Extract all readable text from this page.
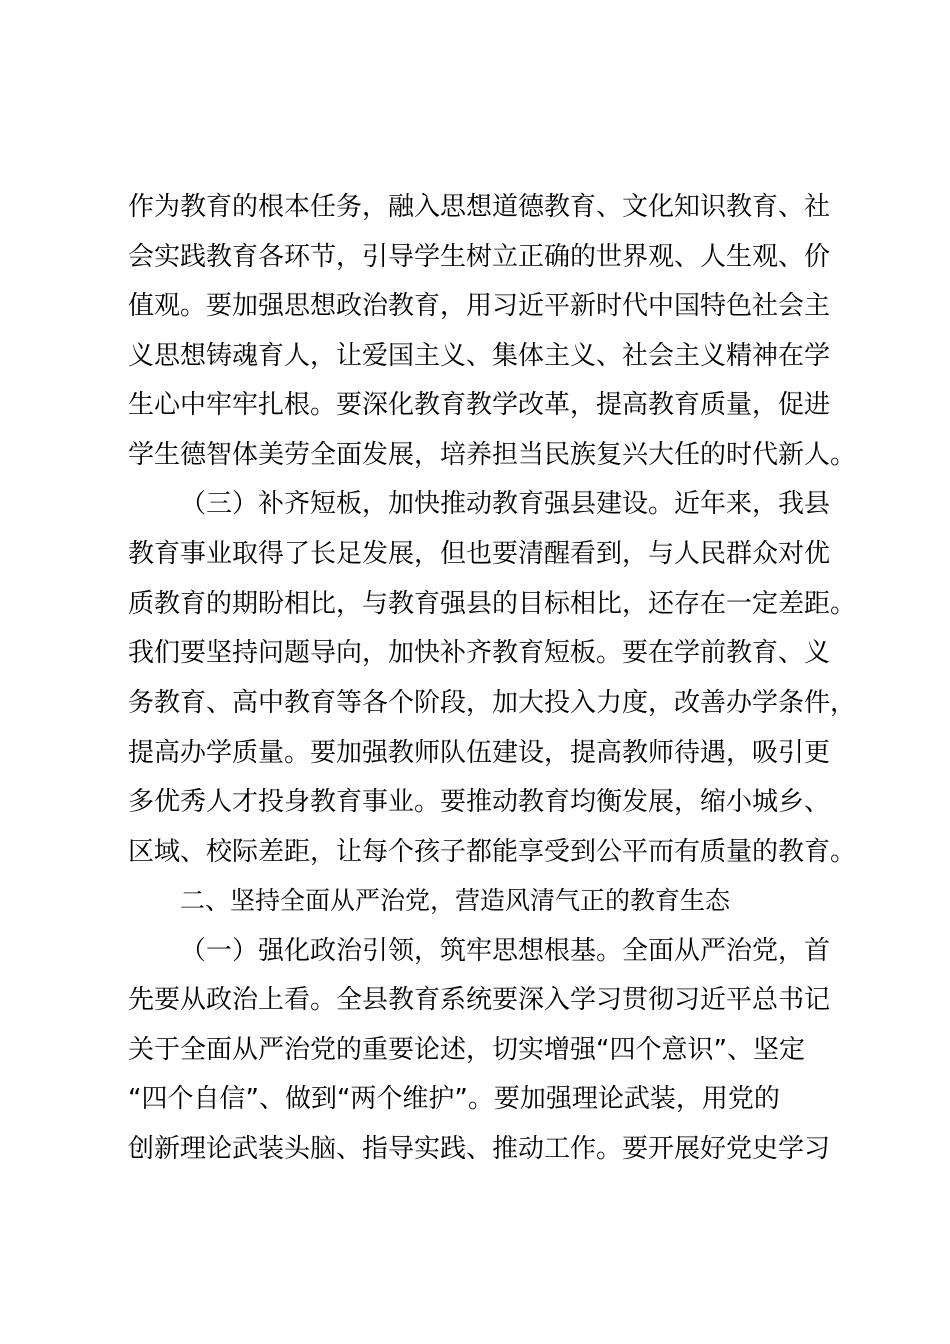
作为教育的根本任务，融入思想道德教育、文化知识教育、社
会实践教育各环节，引导学生树立正确的世界观、人生观、价
值观。要加强思想政治教育，用习近平新时代中国特色社会主
义思想铸魂育人，让爱国主义、集体主义、社会主义精神在学
生心中牢牢扎根。要深化教育教学改革，提高教育质量，促进
学生德智体美劳全面发展，培养担当民族复兴大任的时代新人。
（三）补齐短板，加快推动教育强县建设。近年来，我县
教育事业取得了长足发展，但也要清醒看到，与人民群众对优
质教育的期盼相比，与教育强县的目标相比，还存在一定差距。
我们要坚持问题导向，加快补齐教育短板。要在学前教育、义
务教育、高中教育等各个阶段，加大投入力度，改善办学条件，
提高办学质量。要加强教师队伍建设，提高教师待遇，吸引更
多优秀人才投身教育事业。要推动教育均衡发展，缩小城乡、
区域、校际差距，让每个孩子都能享受到公平而有质量的教育。
二、坚持全面从严治党，营造风清气正的教育生态
（一）强化政治引领，筑牢思想根基。全面从严治党，首
先要从政治上看。全县教育系统要深入学习贯彻习近平总书记
关于全面从严治党的重要论述，切实增强“四个意识”、坚定
“四个自信”、做到“两个维护”。要加强理论武装，用党的
创新理论武装头脑、指导实践、推动工作。要开展好党史学习
